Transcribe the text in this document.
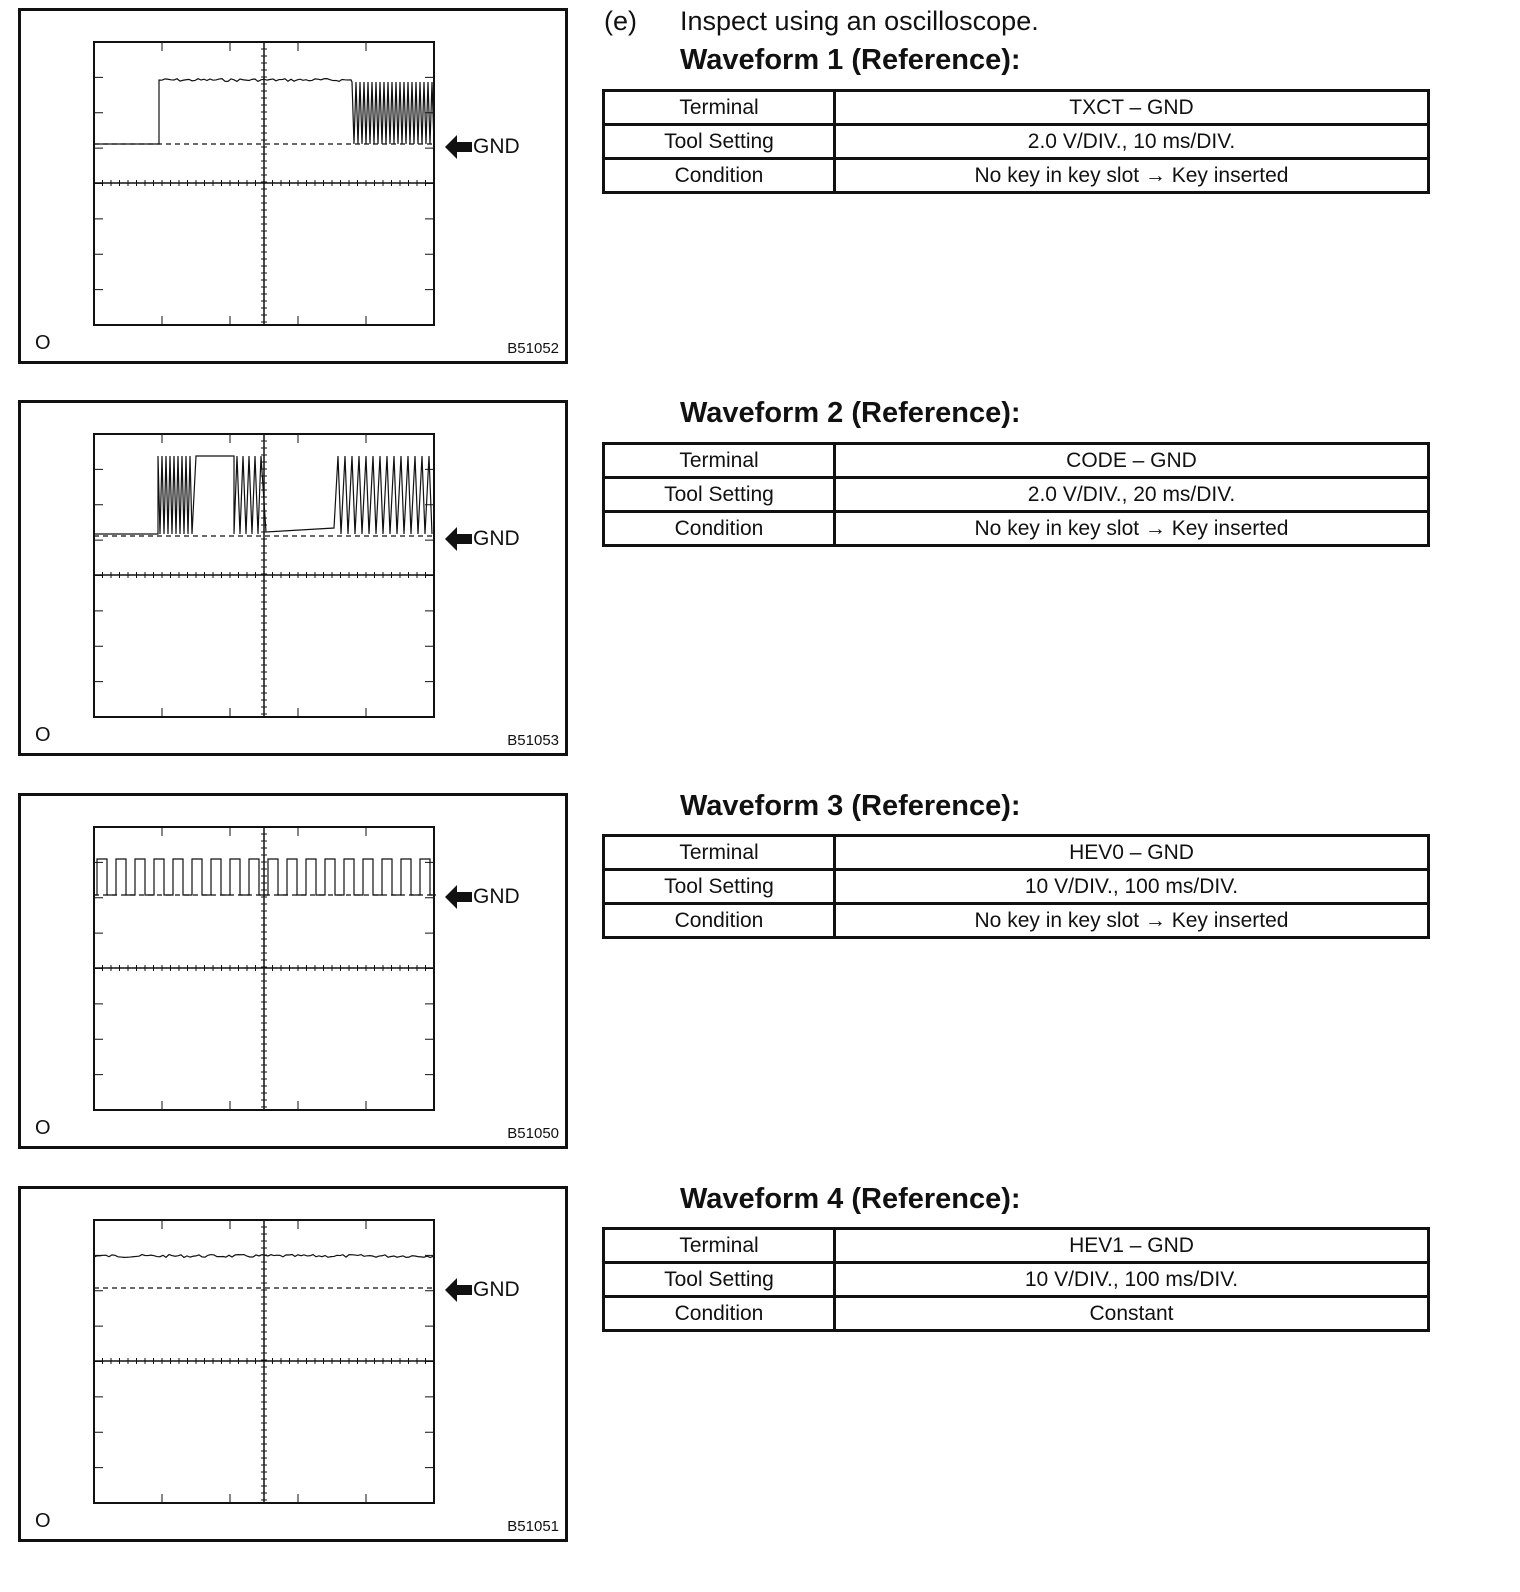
(e) Inspect using an oscilloscope.
GND
O	B51052
Waveform 1 (Reference):
Terminal	TXCT – GND
Tool Setting	2.0 V/DIV., 10 ms/DIV.
Condition	No key in key slot → Key inserted
GND
O	B51053
Waveform 2 (Reference):
Terminal	CODE – GND
Tool Setting	2.0 V/DIV., 20 ms/DIV.
Condition	No key in key slot → Key inserted
GND
O	B51050
Waveform 3 (Reference):
Terminal	HEV0 – GND
Tool Setting	10 V/DIV., 100 ms/DIV.
Condition	No key in key slot → Key inserted
GND
O	B51051
Waveform 4 (Reference):
Terminal	HEV1 – GND
Tool Setting	10 V/DIV., 100 ms/DIV.
Condition	Constant
